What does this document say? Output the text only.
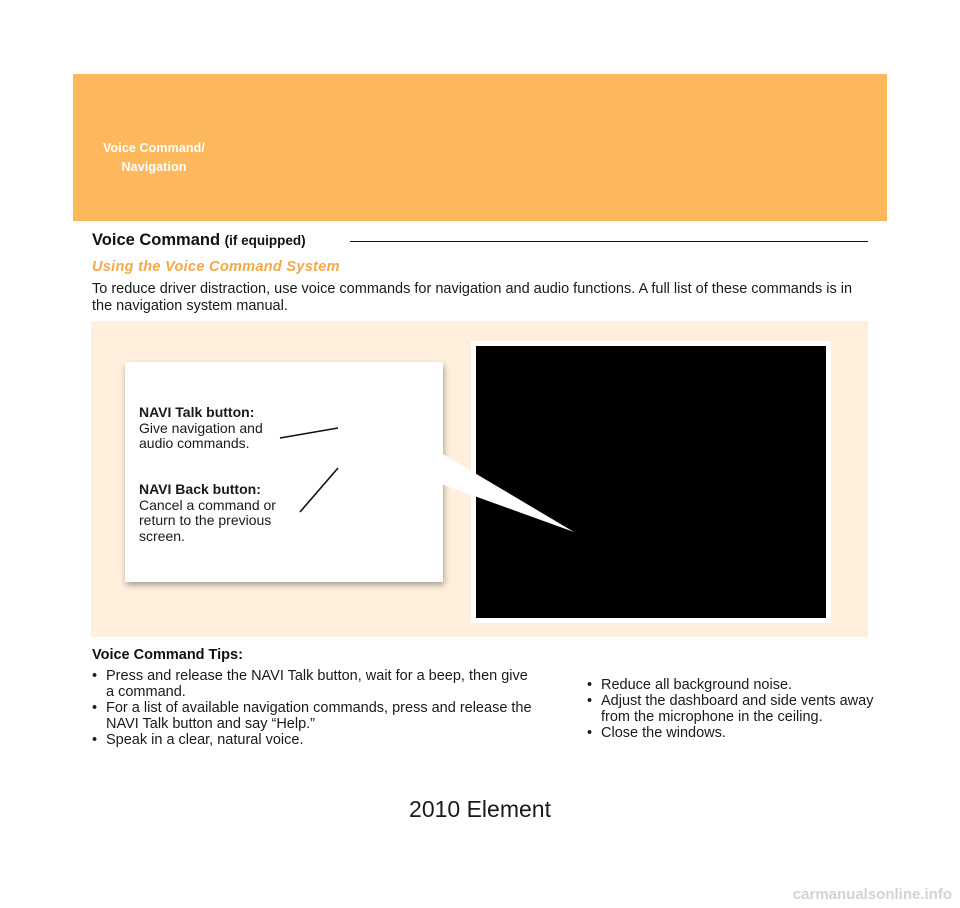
Voice Command/
Navigation
Voice Command (if equipped)
Using the Voice Command System
To reduce driver distraction, use voice commands for navigation and audio functions. A full list of these commands is in the navigation system manual.
NAVI Talk button:
Give navigation and audio commands.
NAVI Back button:
Cancel a command or return to the previous screen.
Voice Command Tips:
• Press and release the NAVI Talk button, wait for a beep, then give a command.
• For a list of available navigation commands, press and release the NAVI Talk button and say “Help.”
• Speak in a clear, natural voice.
• Reduce all background noise.
• Adjust the dashboard and side vents away from the microphone in the ceiling.
• Close the windows.
2010 Element
carmanualsonline.info
